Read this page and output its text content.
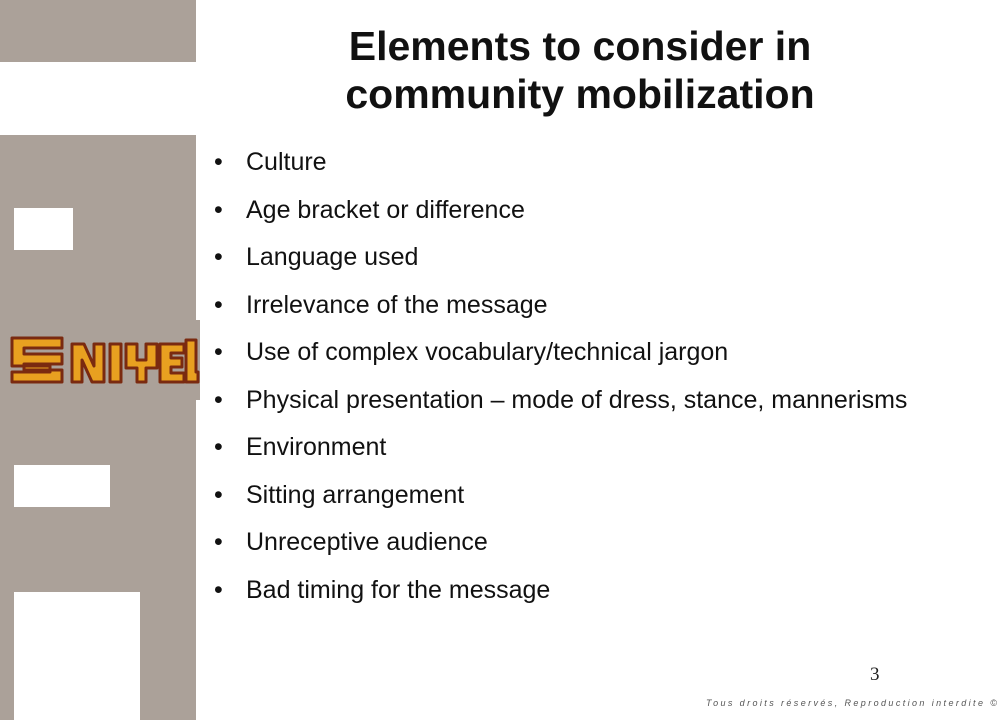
Elements to consider in
community mobilization
• Culture
• Age bracket or difference
• Language used
• Irrelevance of the message
• Use of complex vocabulary/technical jargon
• Physical presentation – mode of dress, stance, mannerisms
• Environment
• Sitting arrangement
• Unreceptive audience
• Bad timing for the message
3
Tous droits réservés, Reproduction interdite ©
